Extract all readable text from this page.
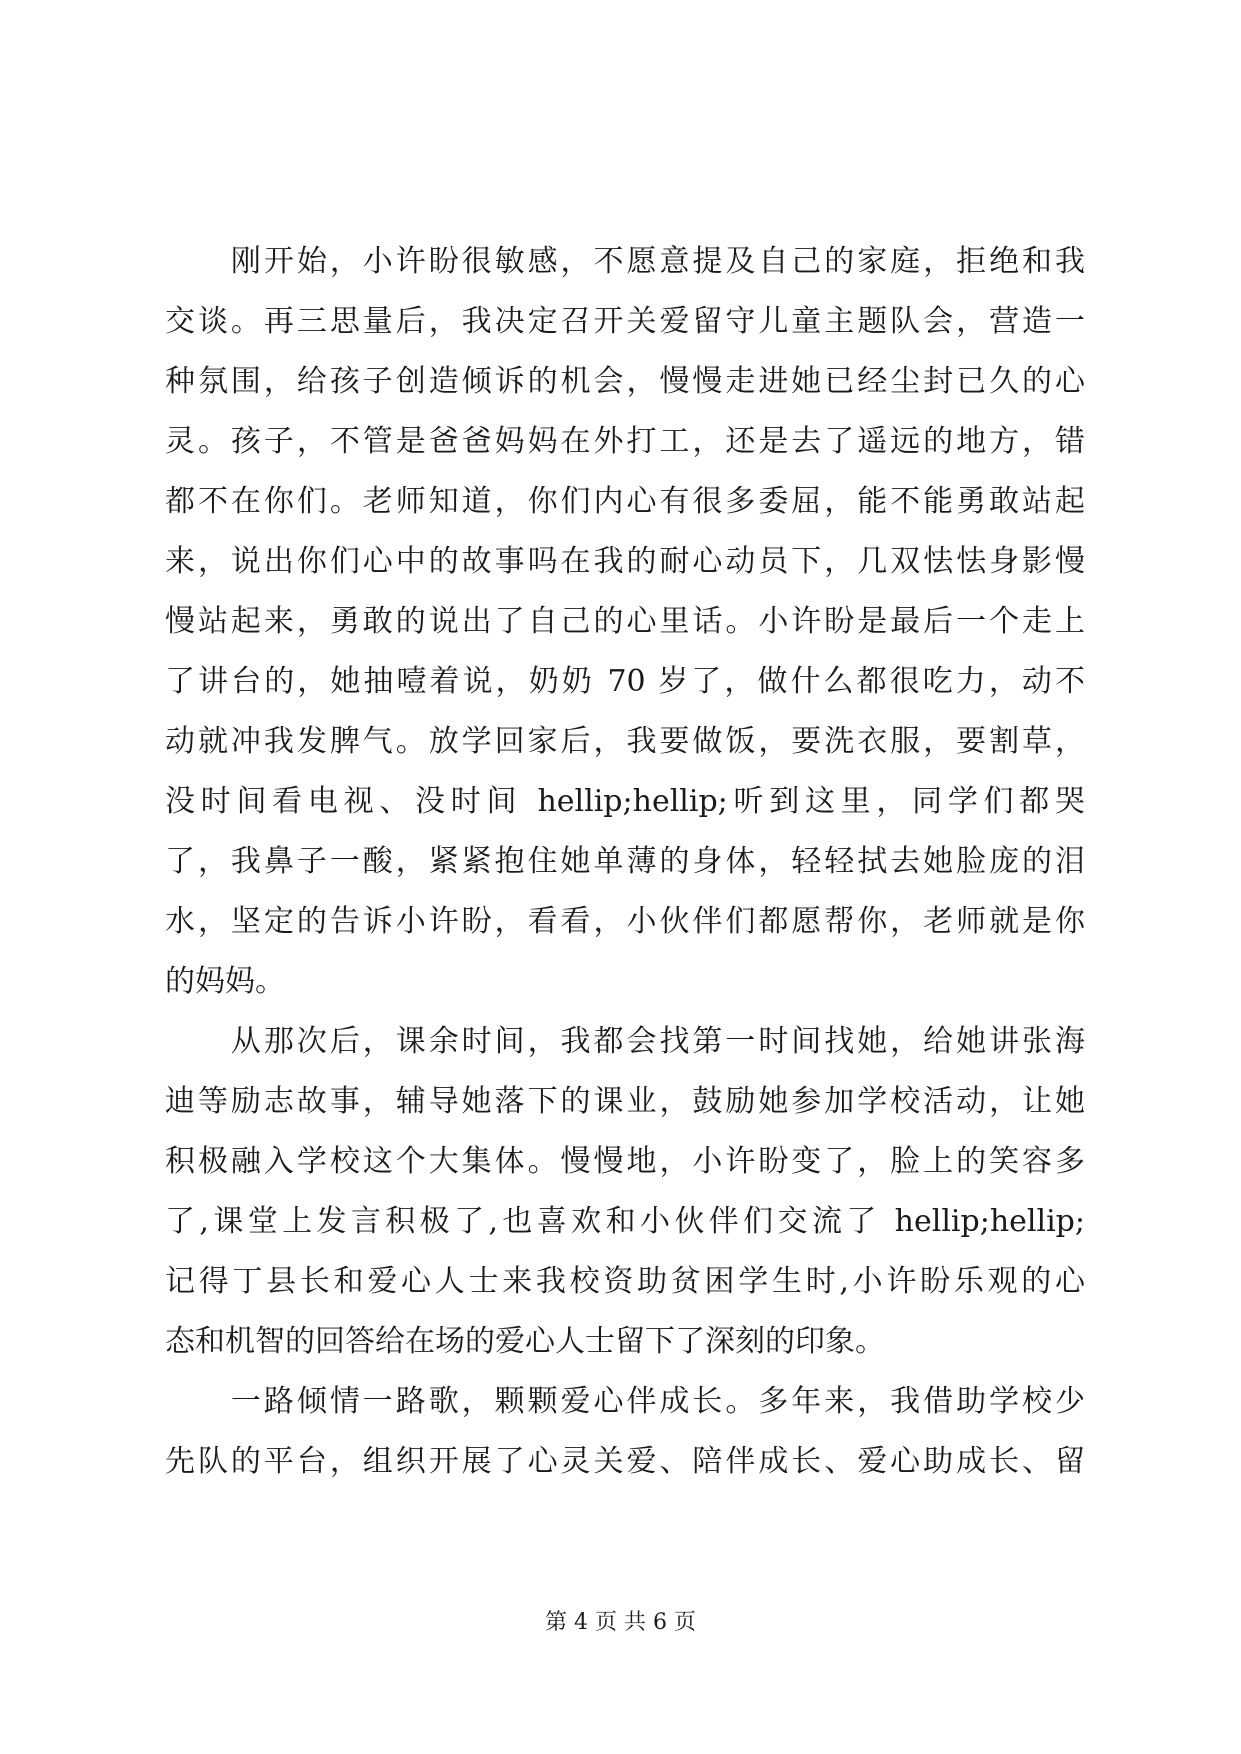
　　刚开始，小许盼很敏感，不愿意提及自己的家庭，拒绝和我
交谈。再三思量后，我决定召开关爱留守儿童主题队会，营造一
种氛围，给孩子创造倾诉的机会，慢慢走进她已经尘封已久的心
灵。孩子，不管是爸爸妈妈在外打工，还是去了遥远的地方，错
都不在你们。老师知道，你们内心有很多委屈，能不能勇敢站起
来，说出你们心中的故事吗在我的耐心动员下，几双怯怯身影慢
慢站起来，勇敢的说出了自己的心里话。小许盼是最后一个走上
了讲台的，她抽噎着说，奶奶 70 岁了，做什么都很吃力，动不
动就冲我发脾气。放学回家后，我要做饭，要洗衣服，要割草，
没时间看电视、没时间 hellip;hellip;听到这里，同学们都哭
了，我鼻子一酸，紧紧抱住她单薄的身体，轻轻拭去她脸庞的泪
水，坚定的告诉小许盼，看看，小伙伴们都愿帮你，老师就是你
的妈妈。
　　从那次后，课余时间，我都会找第一时间找她，给她讲张海
迪等励志故事，辅导她落下的课业，鼓励她参加学校活动，让她
积极融入学校这个大集体。慢慢地，小许盼变了，脸上的笑容多
了,课堂上发言积极了,也喜欢和小伙伴们交流了 hellip;hellip;
记得丁县长和爱心人士来我校资助贫困学生时,小许盼乐观的心
态和机智的回答给在场的爱心人士留下了深刻的印象。
　　一路倾情一路歌，颗颗爱心伴成长。多年来，我借助学校少
先队的平台，组织开展了心灵关爱、陪伴成长、爱心助成长、留
第 4 页 共 6 页
